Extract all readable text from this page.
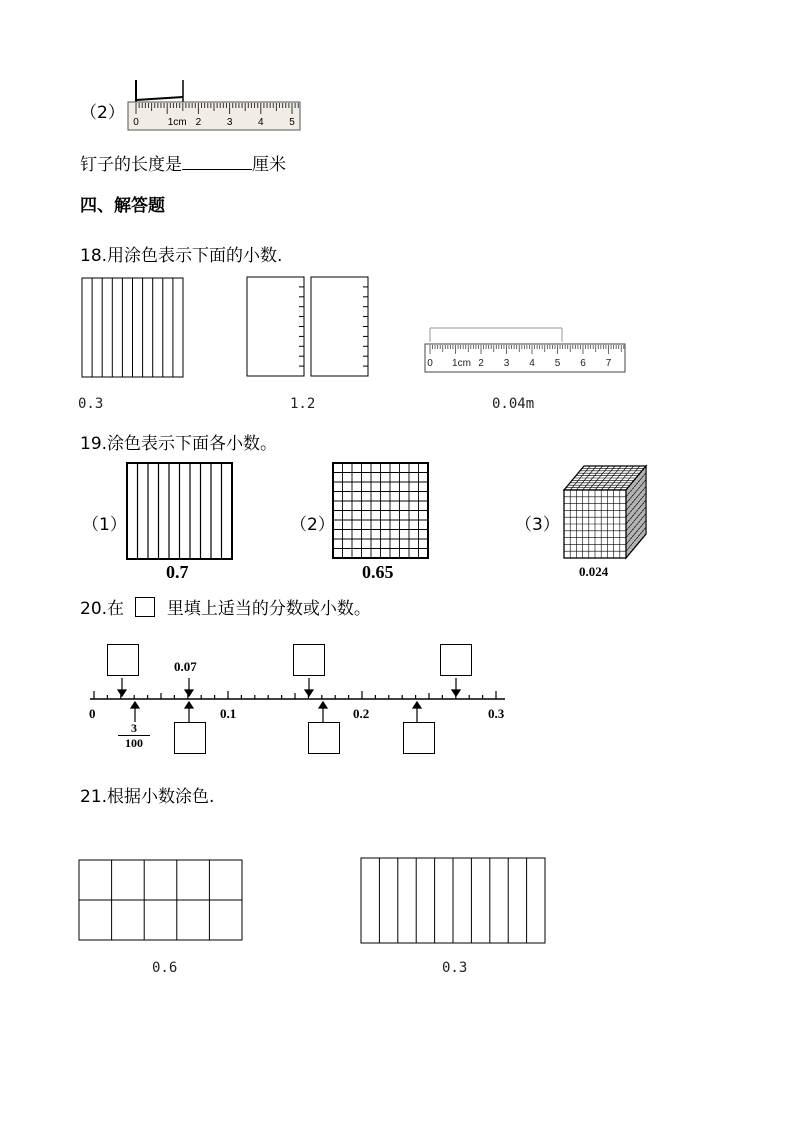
（2） 0	1cm 2	3	4	5
钉子的长度是	厘米
四、解答题
18.用涂色表示下面的小数.
0 1cm 2 3 4 5 6 7
0.3	1.2	0.04m
19.涂色表示下面各小数。
（1）
0.7
（2）
0.65
（3）
0.024
20.在	里填上适当的分数或小数。
0.07
$\frac{3}{100}$
0	0.1	0.2	0.3
21.根据小数涂色.
0.6	0.3
